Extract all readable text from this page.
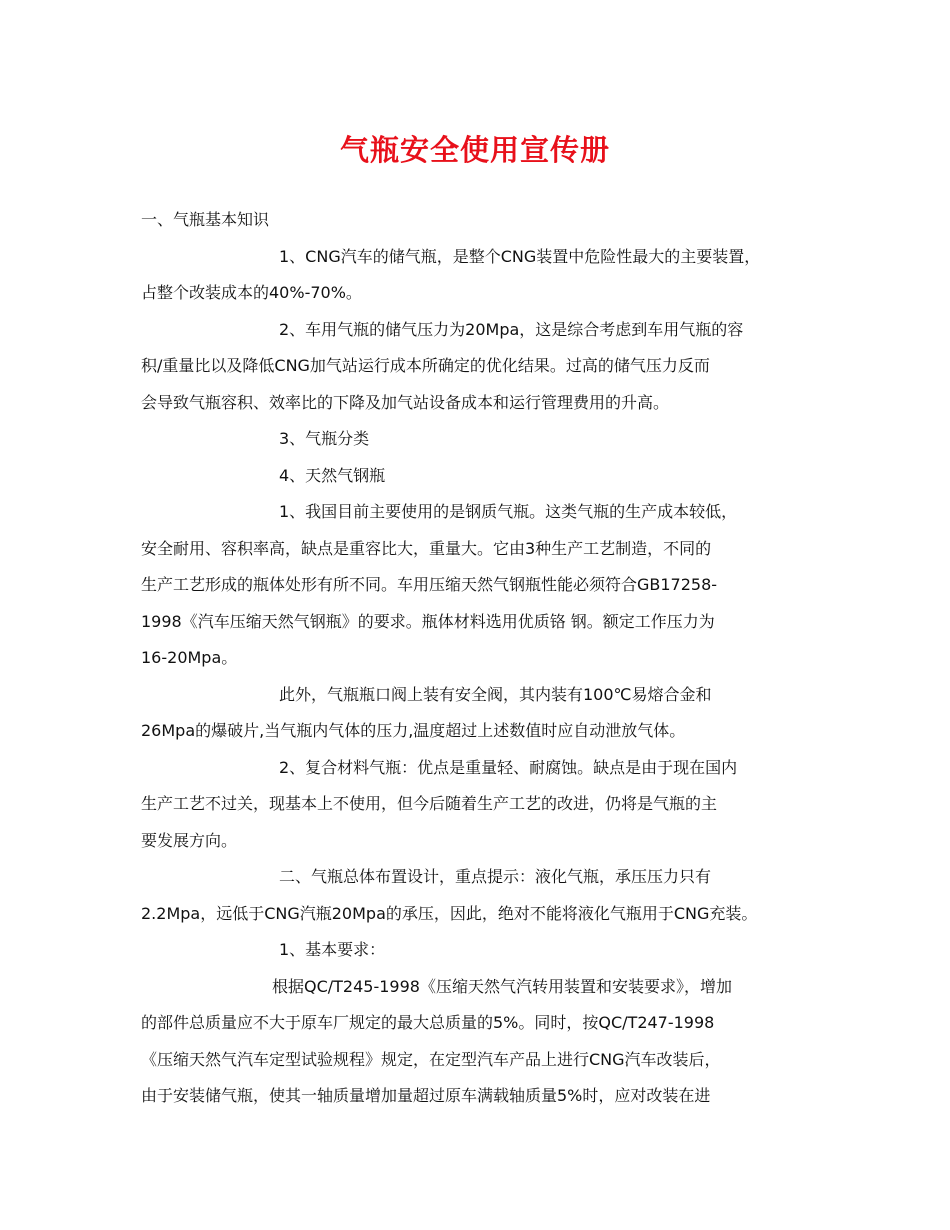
气瓶安全使用宣传册
一、气瓶基本知识
1、CNG汽车的储气瓶，是整个CNG装置中危险性最大的主要装置，
占整个改装成本的40%-70%。
2、车用气瓶的储气压力为20Mpa，这是综合考虑到车用气瓶的容
积/重量比以及降低CNG加气站运行成本所确定的优化结果。过高的储气压力反而
会导致气瓶容积、效率比的下降及加气站设备成本和运行管理费用的升高。
3、气瓶分类
4、天然气钢瓶
1、我国目前主要使用的是钢质气瓶。这类气瓶的生产成本较低，
安全耐用、容积率高，缺点是重容比大，重量大。它由3种生产工艺制造，不同的
生产工艺形成的瓶体处形有所不同。车用压缩天然气钢瓶性能必须符合GB17258-
1998《汽车压缩天然气钢瓶》的要求。瓶体材料选用优质铬 钢。额定工作压力为
16-20Mpa。
此外，气瓶瓶口阀上装有安全阀，其内装有100℃易熔合金和
26Mpa的爆破片,当气瓶内气体的压力,温度超过上述数值时应自动泄放气体。
2、复合材料气瓶：优点是重量轻、耐腐蚀。缺点是由于现在国内
生产工艺不过关，现基本上不使用，但今后随着生产工艺的改进，仍将是气瓶的主
要发展方向。
二、气瓶总体布置设计，重点提示：液化气瓶，承压压力只有
2.2Mpa，远低于CNG汽瓶20Mpa的承压，因此，绝对不能将液化气瓶用于CNG充装。
1、基本要求：
根据QC/T245-1998《压缩天然气汽转用装置和安装要求》，增加
的部件总质量应不大于原车厂规定的最大总质量的5%。同时，按QC/T247-1998
《压缩天然气汽车定型试验规程》规定，在定型汽车产品上进行CNG汽车改装后，
由于安装储气瓶，使其一轴质量增加量超过原车满载轴质量5%时，应对改装在进
